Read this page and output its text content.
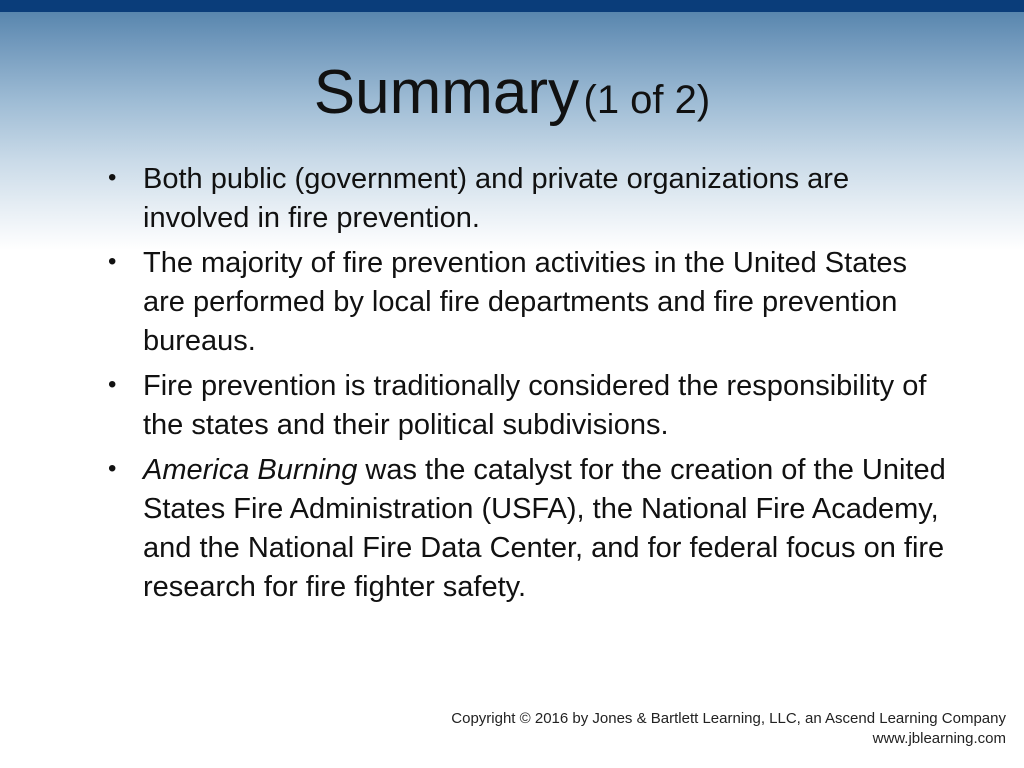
Summary (1 of 2)
• Both public (government) and private organizations are involved in fire prevention.
• The majority of fire prevention activities in the United States are performed by local fire departments and fire prevention bureaus.
• Fire prevention is traditionally considered the responsibility of the states and their political subdivisions.
• America Burning was the catalyst for the creation of the United States Fire Administration (USFA), the National Fire Academy, and the National Fire Data Center, and for federal focus on fire research for fire fighter safety.
Copyright © 2016 by Jones & Bartlett Learning, LLC, an Ascend Learning Company
www.jblearning.com
